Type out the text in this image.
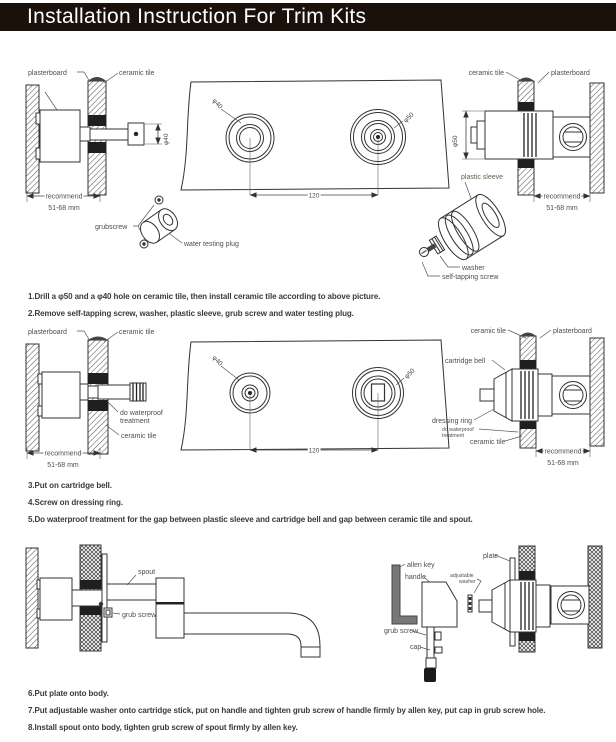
Installation Instruction For Trim Kits
φ40
plasterboard	ceramic tile
recommend
51-68 mm
φ40
φ50
120
φ50
ceramic tile	plasterboard
plastic sleeve
recommend
51-68 mm
grubscrew
water testing plug
washer
self-tapping screw
1.Drill a φ50 and a φ40 hole on ceramic tile, then install ceramic tile according to above picture.
2.Remove self-tapping screw, washer, plastic sleeve, grub screw and water testing plug.
plasterboard	ceramic tile
do waterproof
treatment
ceramic tile
recommend
51-68 mm
φ40
φ50
120
ceramic tile	plasterboard
cartridge bell
dressing ring
do waterproof
treatment
ceramic tile
recommend
51-68 mm
3.Put on cartridge bell.
4.Screw on dressing ring.
5.Do waterproof treatment for the gap between plastic sleeve and cartridge bell and gap between ceramic tile and spout.
spout
grub screw
allen key
handle
grub screw
cap
adjustable
washer
plate
6.Put plate onto body.
7.Put adjustable washer onto cartridge stick, put on handle and tighten grub screw of handle firmly by allen key, put cap in grub screw hole.
8.Install spout onto body, tighten grub screw of spout firmly by allen key.
